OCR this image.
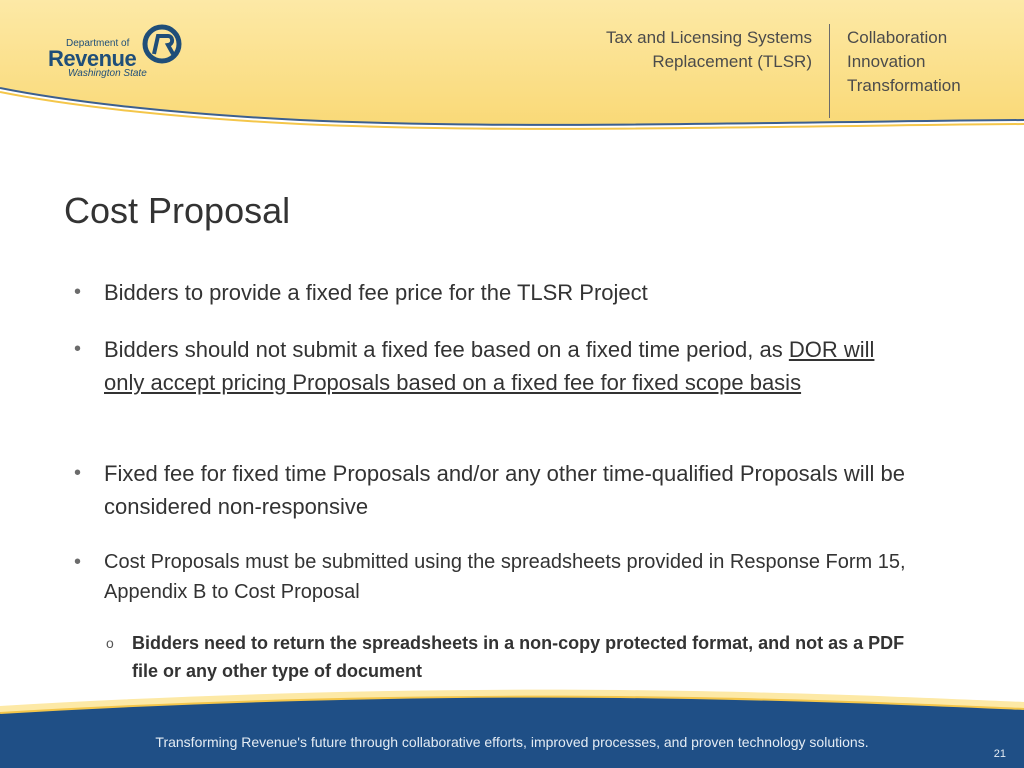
Department of
Revenue
Washington State
Tax and Licensing Systems
Replacement (TLSR)
Collaboration
Innovation
Transformation
Cost Proposal
• Bidders to provide a fixed fee price for the TLSR Project
• Bidders should not submit a fixed fee based on a fixed time period, as DOR will only accept pricing Proposals based on a fixed fee for fixed scope basis
• Fixed fee for fixed time Proposals and/or any other time-qualified Proposals will be considered non-responsive
• Cost Proposals must be submitted using the spreadsheets provided in Response Form 15,  Appendix B to Cost Proposal
o Bidders need to return the spreadsheets in a non-copy protected format, and not as a PDF file or any other type of document
Transforming Revenue's future through collaborative efforts, improved processes, and proven technology solutions.
21
